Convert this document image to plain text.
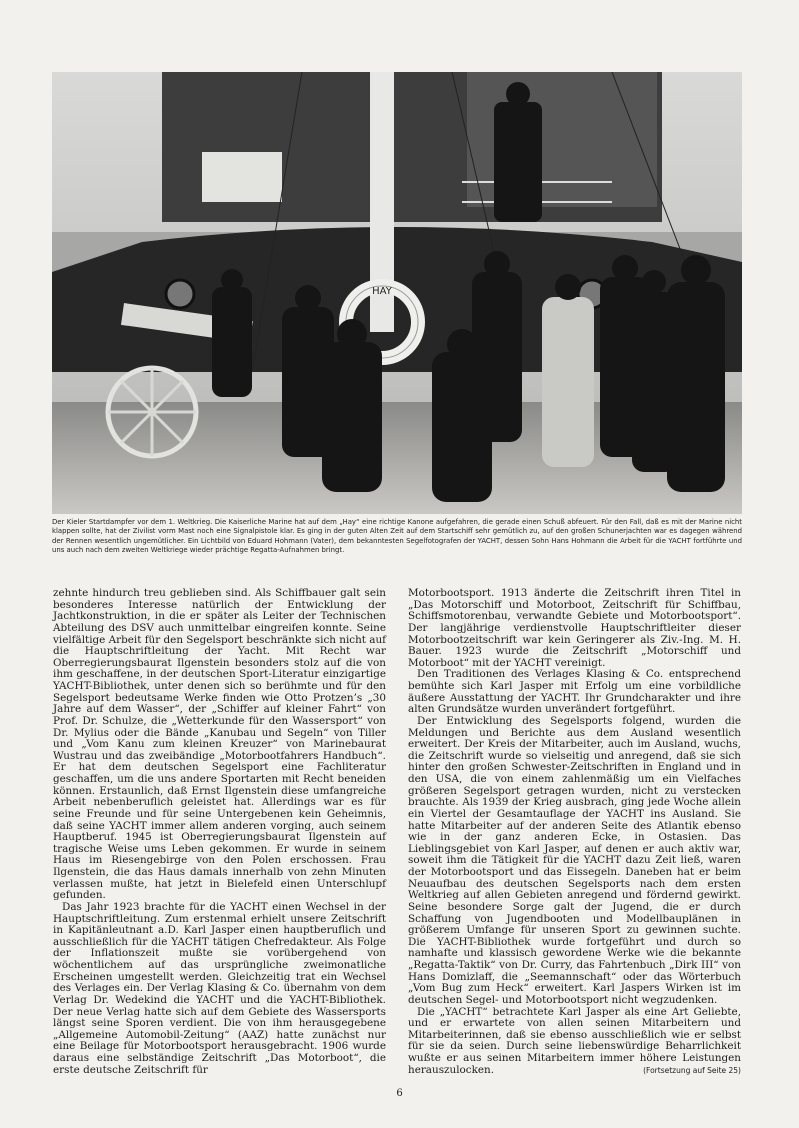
HAY
Der Kieler Startdampfer vor dem 1. Weltkrieg. Die Kaiserliche Marine hat auf dem „Hay“ eine richtige Kanone aufgefahren, die gerade einen Schuß abfeuert. Für den Fall, daß es mit der Marine nicht klappen sollte, hat der Zivilist vorm Mast noch eine Signalpistole klar. Es ging in der guten Alten Zeit auf dem Startschiff sehr gemütlich zu, auf den großen Schunerjachten war es dagegen während der Rennen wesentlich ungemütlicher. Ein Lichtbild von Eduard Hohmann (Vater), dem bekanntesten Segelfotografen der YACHT, dessen Sohn Hans Hohmann die Arbeit für die YACHT fortführte und uns auch nach dem zweiten Weltkriege wieder prächtige Regatta-Aufnahmen bringt.

zehnte hindurch treu geblieben sind. Als Schiffbauer galt sein besonderes Interesse natürlich der Entwicklung der Jachtkonstruktion, in die er später als Leiter der Technischen Abteilung des DSV auch unmittelbar eingreifen konnte. Seine vielfältige Arbeit für den Segelsport beschränkte sich nicht auf die Hauptschriftleitung der Yacht. Mit Recht war Oberregierungsbaurat Ilgenstein besonders stolz auf die von ihm geschaffene, in der deutschen Sport-Literatur einzigartige YACHT-Bibliothek, unter denen sich so berühmte und für den Segelsport bedeutsame Werke finden wie Otto Protzen’s „30 Jahre auf dem Wasser“, der „Schiffer auf kleiner Fahrt“ von Prof. Dr. Schulze, die „Wetterkunde für den Wassersport“ von Dr. Mylius oder die Bände „Kanubau und Segeln“ von Tiller und „Vom Kanu zum kleinen Kreuzer“ von Marinebaurat Wustrau und das zweibändige „Motorbootfahrers Handbuch“. Er hat dem deutschen Segelsport eine Fachliteratur geschaffen, um die uns andere Sportarten mit Recht beneiden können. Erstaunlich, daß Ernst Ilgenstein diese umfangreiche Arbeit nebenberuflich geleistet hat. Allerdings war es für seine Freunde und für seine Untergebenen kein Geheimnis, daß seine YACHT immer allem anderen vorging, auch seinem Hauptberuf. 1945 ist Oberregierungsbaurat Ilgenstein auf tragische Weise ums Leben gekommen. Er wurde in seinem Haus im Riesengebirge von den Polen erschossen. Frau Ilgenstein, die das Haus damals innerhalb von zehn Minuten verlassen mußte, hat jetzt in Bielefeld einen Unterschlupf gefunden.

Das Jahr 1923 brachte für die YACHT einen Wechsel in der Hauptschriftleitung. Zum erstenmal erhielt unsere Zeitschrift in Kapitänleutnant a.D. Karl Jasper einen hauptberuflich und ausschließlich für die YACHT tätigen Chefredakteur. Als Folge der Inflationszeit mußte sie vorübergehend von wöchentlichem auf das ursprüngliche zweimonatliche Erscheinen umgestellt werden. Gleichzeitig trat ein Wechsel des Verlages ein. Der Verlag Klasing & Co. übernahm von dem Verlag Dr. Wedekind die YACHT und die YACHT-Bibliothek. Der neue Verlag hatte sich auf dem Gebiete des Wassersports längst seine Sporen verdient. Die von ihm herausgegebene „Allgemeine Automobil-Zeitung“ (AAZ) hatte zunächst nur eine Beilage für Motorbootsport herausgebracht. 1906 wurde daraus eine selbständige Zeitschrift „Das Motorboot“, die erste deutsche Zeitschrift für

Motorbootsport. 1913 änderte die Zeitschrift ihren Titel in „Das Motorschiff und Motorboot, Zeitschrift für Schiffbau, Schiffsmotorenbau, verwandte Gebiete und Motorbootsport“. Der langjährige verdienstvolle Hauptschriftleiter dieser Motorbootzeitschrift war kein Geringerer als Ziv.-Ing. M. H. Bauer. 1923 wurde die Zeitschrift „Motorschiff und Motorboot“ mit der YACHT vereinigt.

Den Traditionen des Verlages Klasing & Co. entsprechend bemühte sich Karl Jasper mit Erfolg um eine vorbildliche äußere Ausstattung der YACHT. Ihr Grundcharakter und ihre alten Grundsätze wurden unverändert fortgeführt.

Der Entwicklung des Segelsports folgend, wurden die Meldungen und Berichte aus dem Ausland wesentlich erweitert. Der Kreis der Mitarbeiter, auch im Ausland, wuchs, die Zeitschrift wurde so vielseitig und anregend, daß sie sich hinter den großen Schwester-Zeitschriften in England und in den USA, die von einem zahlenmäßig um ein Vielfaches größeren Segelsport getragen wurden, nicht zu verstecken brauchte. Als 1939 der Krieg ausbrach, ging jede Woche allein ein Viertel der Gesamtauflage der YACHT ins Ausland. Sie hatte Mitarbeiter auf der anderen Seite des Atlantik ebenso wie in der ganz anderen Ecke, in Ostasien. Das Lieblingsgebiet von Karl Jasper, auf denen er auch aktiv war, soweit ihm die Tätigkeit für die YACHT dazu Zeit ließ, waren der Motorbootsport und das Eissegeln. Daneben hat er beim Neuaufbau des deutschen Segelsports nach dem ersten Weltkrieg auf allen Gebieten anregend und fördernd gewirkt. Seine besondere Sorge galt der Jugend, die er durch Schaffung von Jugendbooten und Modellbauplänen in größerem Umfange für unseren Sport zu gewinnen suchte. Die YACHT-Bibliothek wurde fortgeführt und durch so namhafte und klassisch gewordene Werke wie die bekannte „Regatta-Taktik“ von Dr. Curry, das Fahrtenbuch „Dirk III“ von Hans Domizlaff, die „Seemannschaft“ oder das Wörterbuch „Vom Bug zum Heck“ erweitert. Karl Jaspers Wirken ist im deutschen Segel- und Motorbootsport nicht wegzudenken.

Die „YACHT“ betrachtete Karl Jasper als eine Art Geliebte, und er erwartete von allen seinen Mitarbeitern und Mitarbeiterinnen, daß sie ebenso ausschließlich wie er selbst für sie da seien. Durch seine liebenswürdige Beharrlichkeit wußte er aus seinen Mitarbeitern immer höhere Leistungen herauszulocken.	(Fortsetzung auf Seite 25)
6
